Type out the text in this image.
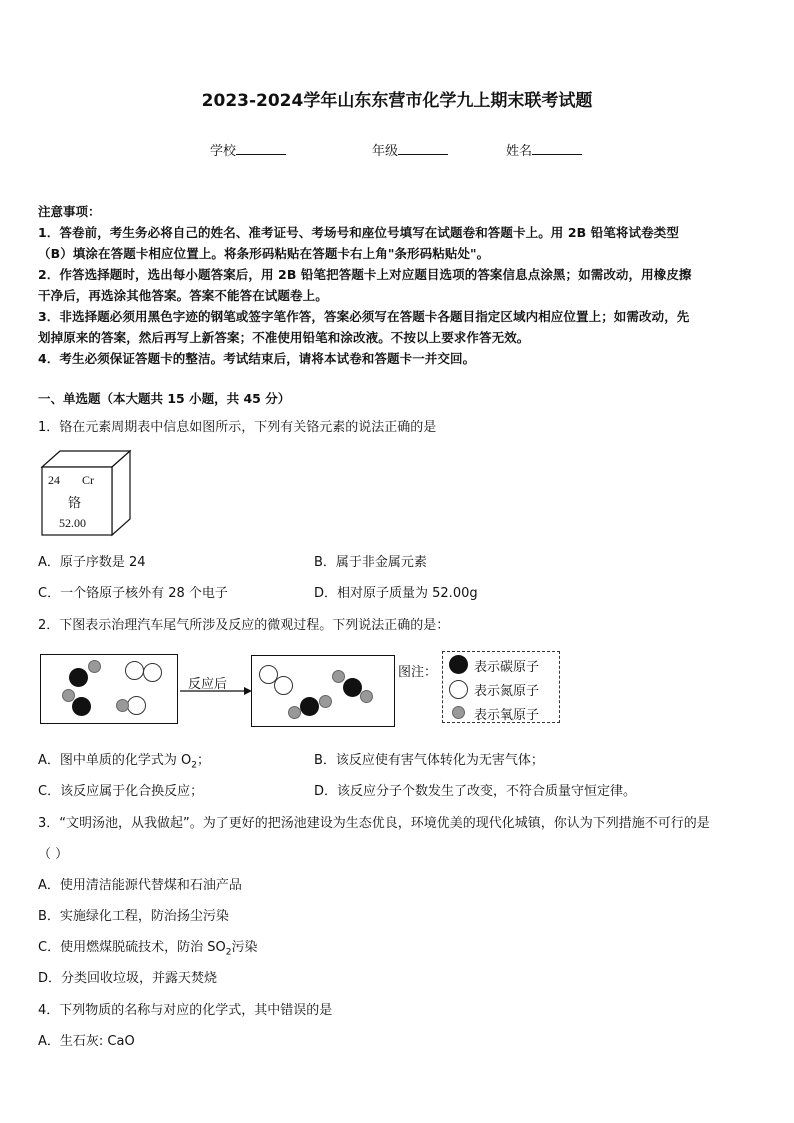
2023-2024学年山东东营市化学九上期末联考试题
学校	年级	姓名
注意事项：
1．答卷前，考生务必将自己的姓名、准考证号、考场号和座位号填写在试题卷和答题卡上。用 2B 铅笔将试卷类型
（B）填涂在答题卡相应位置上。将条形码粘贴在答题卡右上角"条形码粘贴处"。
2．作答选择题时，选出每小题答案后，用 2B 铅笔把答题卡上对应题目选项的答案信息点涂黑；如需改动，用橡皮擦
干净后，再选涂其他答案。答案不能答在试题卷上。
3．非选择题必须用黑色字迹的钢笔或签字笔作答，答案必须写在答题卡各题目指定区域内相应位置上；如需改动，先
划掉原来的答案，然后再写上新答案；不准使用铅笔和涂改液。不按以上要求作答无效。
4．考生必须保证答题卡的整洁。考试结束后，请将本试卷和答题卡一并交回。
一、单选题（本大题共 15 小题，共 45 分）
1．铬在元素周期表中信息如图所示，下列有关铬元素的说法正确的是
24 Cr
铬
52.00
A．原子序数是 24	B．属于非金属元素
C．一个铬原子核外有 28 个电子	D．相对原子质量为 52.00g
2．下图表示治理汽车尾气所涉及反应的微观过程。下列说法正确的是：
反应后
图注：	表示碳原子
表示氮原子
表示氧原子
A．图中单质的化学式为 $O_2$；	B．该反应使有害气体转化为无害气体；
C．该反应属于化合换反应；	D．该反应分子个数发生了改变，不符合质量守恒定律。
3．“文明汤池，从我做起”。为了更好的把汤池建设为生态优良，环境优美的现代化城镇，你认为下列措施不可行的是
（ ）
A．使用清洁能源代替煤和石油产品
B．实施绿化工程，防治扬尘污染
C．使用燃煤脱硫技术，防治 $SO_2$污染
D．分类回收垃圾，并露天焚烧
4．下列物质的名称与对应的化学式，其中错误的是
A．生石灰: CaO
